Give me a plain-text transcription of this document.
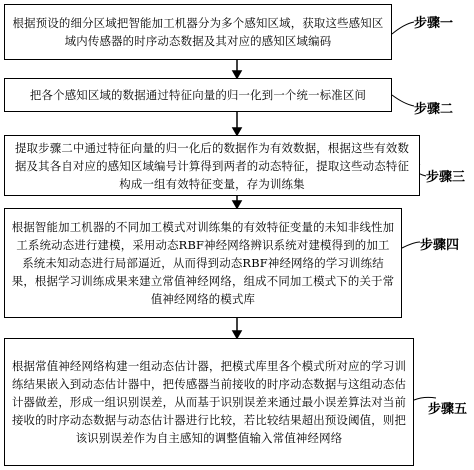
根据预设的细分区域把智能加工机器分为多个感知区域，获取这些感知区域内传感器的时序动态数据及其对应的感知区域编码
步骤一
把各个感知区域的数据通过特征向量的归一化到一个统一标准区间
步骤二
提取步骤二中通过特征向量的归一化后的数据作为有效数据，根据这些有效数据及其各自对应的感知区域编号计算得到两者的动态特征，提取这些动态特征构成一组有效特征变量，存为训练集	步骤三
根据智能加工机器的不同加工模式对训练集的有效特征变量的未知非线性加工系统动态进行建模，采用动态RBF神经网络辨识系统对建模得到的加工系统未知动态进行局部逼近，从而得到动态RBF神经网络的学习训练结果，根据学习训练成果来建立常值神经网络，组成不同加工模式下的关于常值神经网络的模式库
步骤四
根据常值神经网络构建一组动态估计器，把模式库里各个模式所对应的学习训练结果嵌入到动态估计器中，把传感器当前接收的时序动态数据与这组动态估计器做差，形成一组识别误差，从而基于识别误差来通过最小误差算法对当前接收的时序动态数据与动态估计器进行比较，若比较结果超出预设阈值，则把该识别误差作为自主感知的调整值输入常值神经网络
步骤五
